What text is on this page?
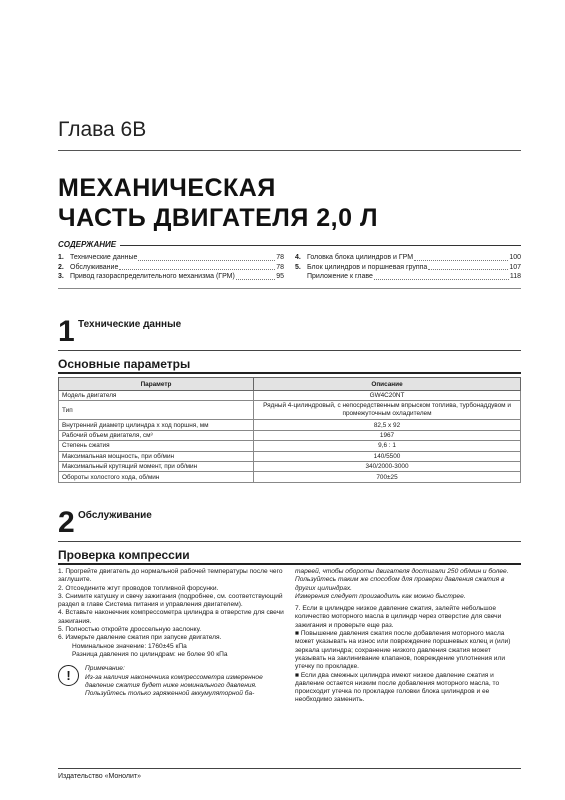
Глава 6В
МЕХАНИЧЕСКАЯ
ЧАСТЬ ДВИГАТЕЛЯ 2,0 Л
СОДЕРЖАНИЕ
1. Технические данные	78
2. Обслуживание	78
3. Привод газораспределительного механизма (ГРМ)	95
4. Головка блока цилиндров и ГРМ	100
5. Блок цилиндров и поршневая группа	107
Приложение к главе	118
1 Технические данные
Основные параметры
Параметр	Описание
Модель двигателя	GW4C20NT
Тип	Рядный 4-цилиндровый, с непосредственным впрыском топлива, турбонаддувом и промежуточным охладителем
Внутренний диаметр цилиндра х ход поршня, мм	82,5 х 92
Рабочий объем двигателя, см³	1967
Степень сжатия	9,6 : 1
Максимальная мощность, при об/мин	140/5500
Максимальный крутящий момент, при об/мин	340/2000-3000
Обороты холостого хода, об/мин	700±25
2 Обслуживание
Проверка компрессии

1. Прогрейте двигатель до нормальной рабочей температуры после чего заглушите.

2. Отсоедините жгут проводов топливной форсунки.

3. Снимите катушку и свечу зажигания (подробнее, см. соответствующий раздел в главе Система питания и управления двигателем).

4. Вставьте наконечник компрессометра цилиндра в отверстие для свечи зажигания.

5. Полностью откройте дроссельную заслонку.

6. Измерьте давление сжатия при запуске двигателя.

Номинальное значение: 1760±45 кПа

Разница давления по цилиндрам: не более 90 кПа

!	Примечание:

Из-за наличия наконечника компрессометра измеренное давление сжатия будет ниже номинального давления.

Пользуйтесь только заряженной аккумуляторной ба-

тареей, чтобы обороты двигателя достигали 250 об/мин и более.

Пользуйтесь таким же способом для проверки давления сжатия в других цилиндрах.

Измерения следует производить как можно быстрее.

7. Если в цилиндре низкое давление сжатия, залейте небольшое количество моторного масла в цилиндр через отверстие для свечи зажигания и проверьте еще раз.

■ Повышение давления сжатия после добавления моторного масла может указывать на износ или повреждение поршневых колец и (или) зеркала цилиндра; сохранение низкого давления сжатия может указывать на заклинивание клапанов, повреждение уплотнения или утечку по прокладке.

■ Если два смежных цилиндра имеют низкое давление сжатия и давление остается низким после добавления моторного масла, то происходит утечка по прокладке головки блока цилиндров и ее необходимо заменить.

Издательство «Монолит»
